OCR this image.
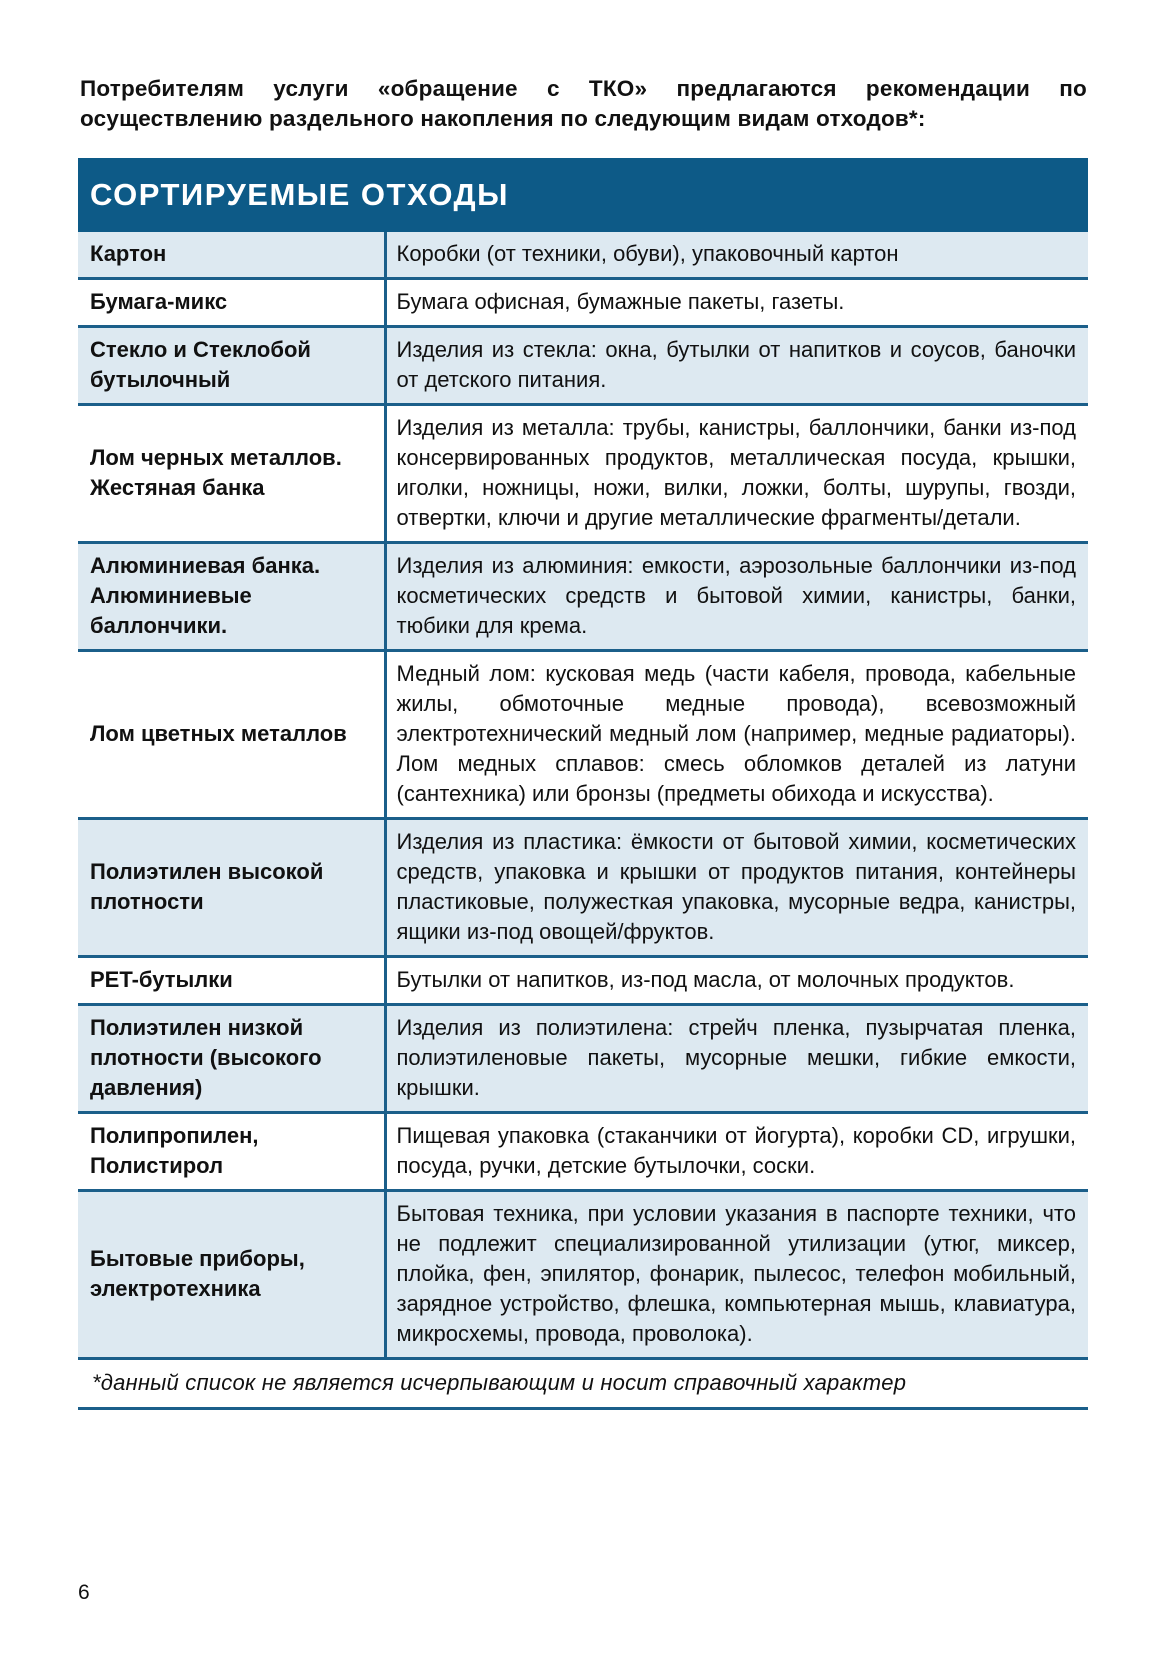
Потребителям услуги «обращение с ТКО» предлагаются рекомендации по осуществлению раздельного накопления по следующим видам отходов*:

СОРТИРУЕМЫЕ ОТХОДЫ
Картон	Коробки (от техники, обуви), упаковочный картон
Бумага-микс	Бумага офисная, бумажные пакеты, газеты.
Стекло и Стеклобой бутылочный	Изделия из стекла: окна, бутылки от напитков и соусов, баночки от детского питания.
Лом черных металлов. Жестяная банка	Изделия из металла: трубы, канистры, баллончики, банки из-под консервированных продуктов, металлическая посуда, крышки, иголки, ножницы, ножи, вилки, ложки, болты, шурупы, гвозди, отвертки, ключи и другие металлические фрагменты/детали.
Алюминиевая банка. Алюминиевые баллончики.	Изделия из алюминия: емкости, аэрозольные баллончики из-под косметических средств и бытовой химии, канистры, банки, тюбики для крема.
Лом цветных металлов	Медный лом: кусковая медь (части кабеля, провода, кабельные жилы, обмоточные медные провода), всевозможный электротехнический медный лом (например, медные радиаторы). Лом медных сплавов: смесь обломков деталей из латуни (сантехника) или бронзы (предметы обихода и искусства).
Полиэтилен высокой плотности	Изделия из пластика: ёмкости от бытовой химии, косметических средств, упаковка и крышки от продуктов питания, контейнеры пластиковые, полужесткая упаковка, мусорные ведра, канистры, ящики из-под овощей/фруктов.
PET-бутылки	Бутылки от напитков, из-под масла, от молочных продуктов.
Полиэтилен низкой плотности (высокого давления)	Изделия из полиэтилена: стрейч пленка, пузырчатая пленка, полиэтиленовые пакеты, мусорные мешки, гибкие емкости, крышки.
Полипропилен, Полистирол	Пищевая упаковка (стаканчики от йогурта), коробки CD, игрушки, посуда, ручки, детские бутылочки, соски.
Бытовые приборы, электротехника	Бытовая техника, при условии указания в паспорте техники, что не подлежит специализированной утилизации (утюг, миксер, плойка, фен, эпилятор, фонарик, пылесос, телефон мобильный, зарядное устройство, флешка, компьютерная мышь, клавиатура, микросхемы, провода, проволока).
*данный список не является исчерпывающим и носит справочный характер
6
